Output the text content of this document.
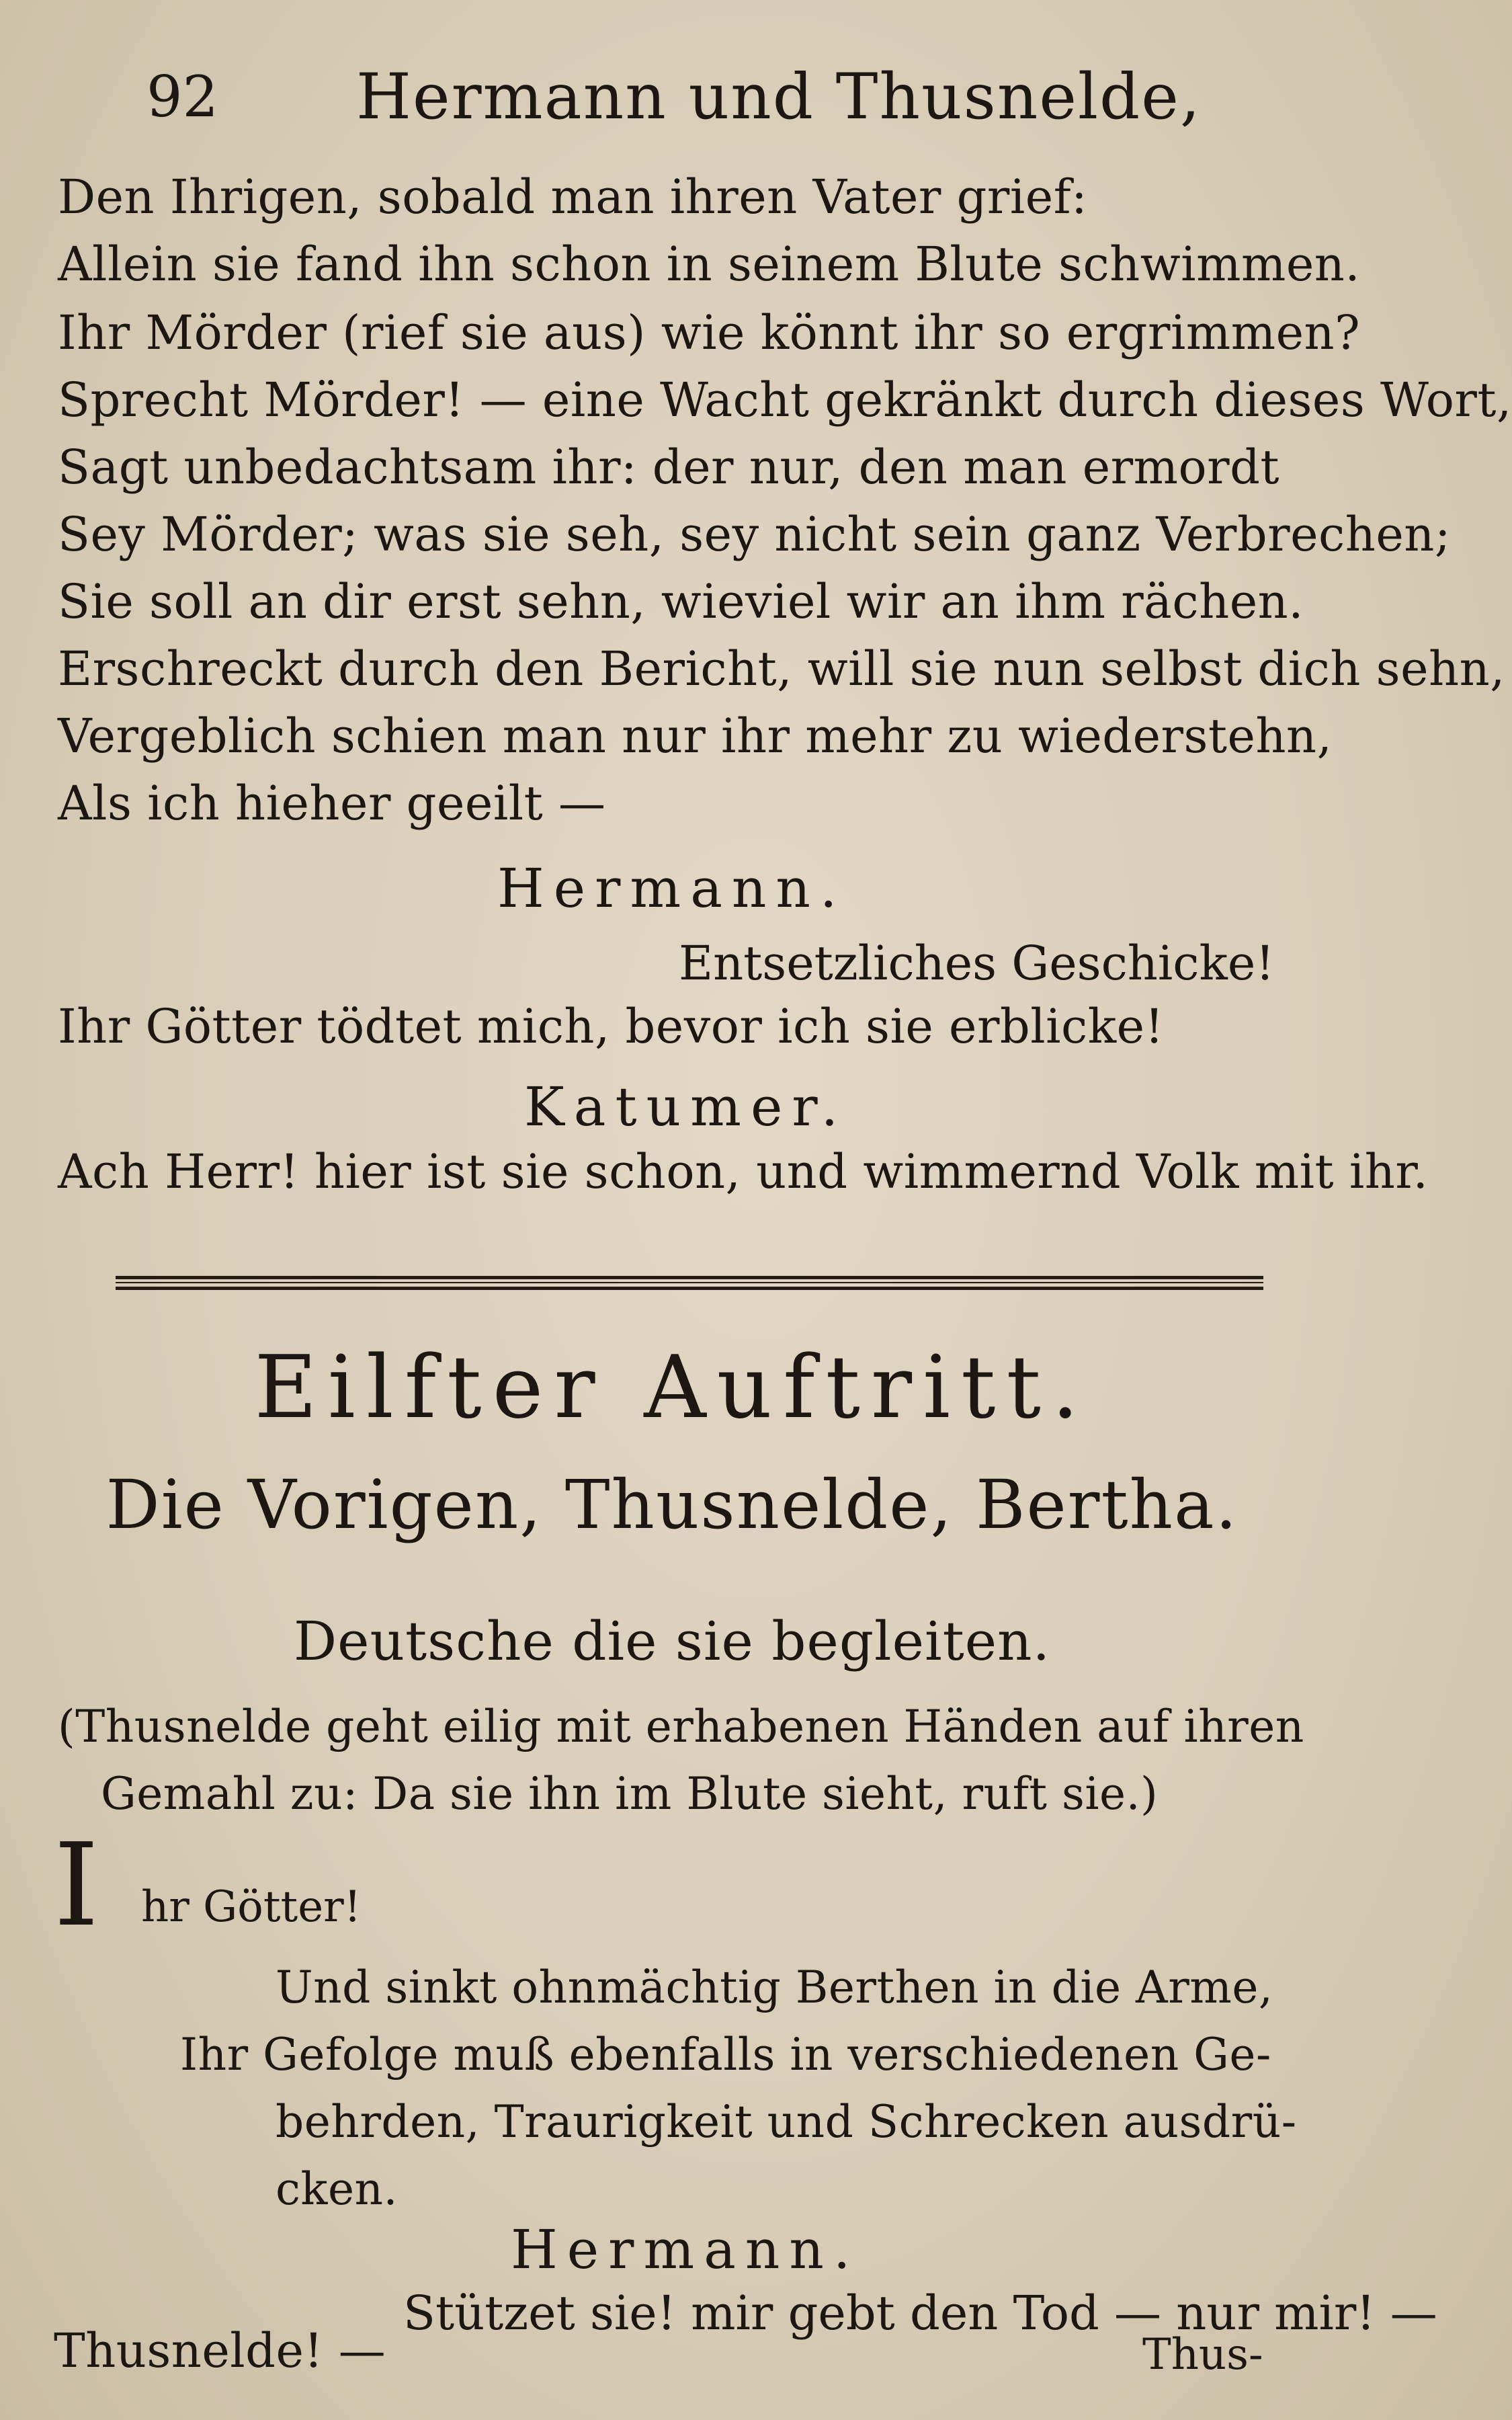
92 Hermann und Thusnelde,
Den Ihrigen, sobald man ihren Vater grief:
Allein sie fand ihn schon in seinem Blute schwimmen.
Ihr Mörder (rief sie aus) wie könnt ihr so ergrimmen?
Sprecht Mörder! — eine Wacht gekränkt durch dieses Wort,
Sagt unbedachtsam ihr: der nur, den man ermordt
Sey Mörder; was sie seh, sey nicht sein ganz Verbrechen;
Sie soll an dir erst sehn, wieviel wir an ihm rächen.
Erschreckt durch den Bericht, will sie nun selbst dich sehn,
Vergeblich schien man nur ihr mehr zu wiederstehn,
Als ich hieher geeilt —
Hermann.
Entsetzliches Geschicke!
Ihr Götter tödtet mich, bevor ich sie erblicke!
Katumer.
Ach Herr! hier ist sie schon, und wimmernd Volk mit ihr.
Eilfter Auftritt.
Die Vorigen, Thusnelde, Bertha.
Deutsche die sie begleiten.
(Thusnelde geht eilig mit erhabenen Händen auf ihren
Gemahl zu: Da sie ihn im Blute sieht, ruft sie.)
I hr Götter!
Und sinkt ohnmächtig Berthen in die Arme,
Ihr Gefolge muß ebenfalls in verschiedenen Ge-
behrden, Traurigkeit und Schrecken ausdrü-
cken.
Hermann.
Stützet sie! mir gebt den Tod — nur mir! —
Thusnelde! —	Thus-
